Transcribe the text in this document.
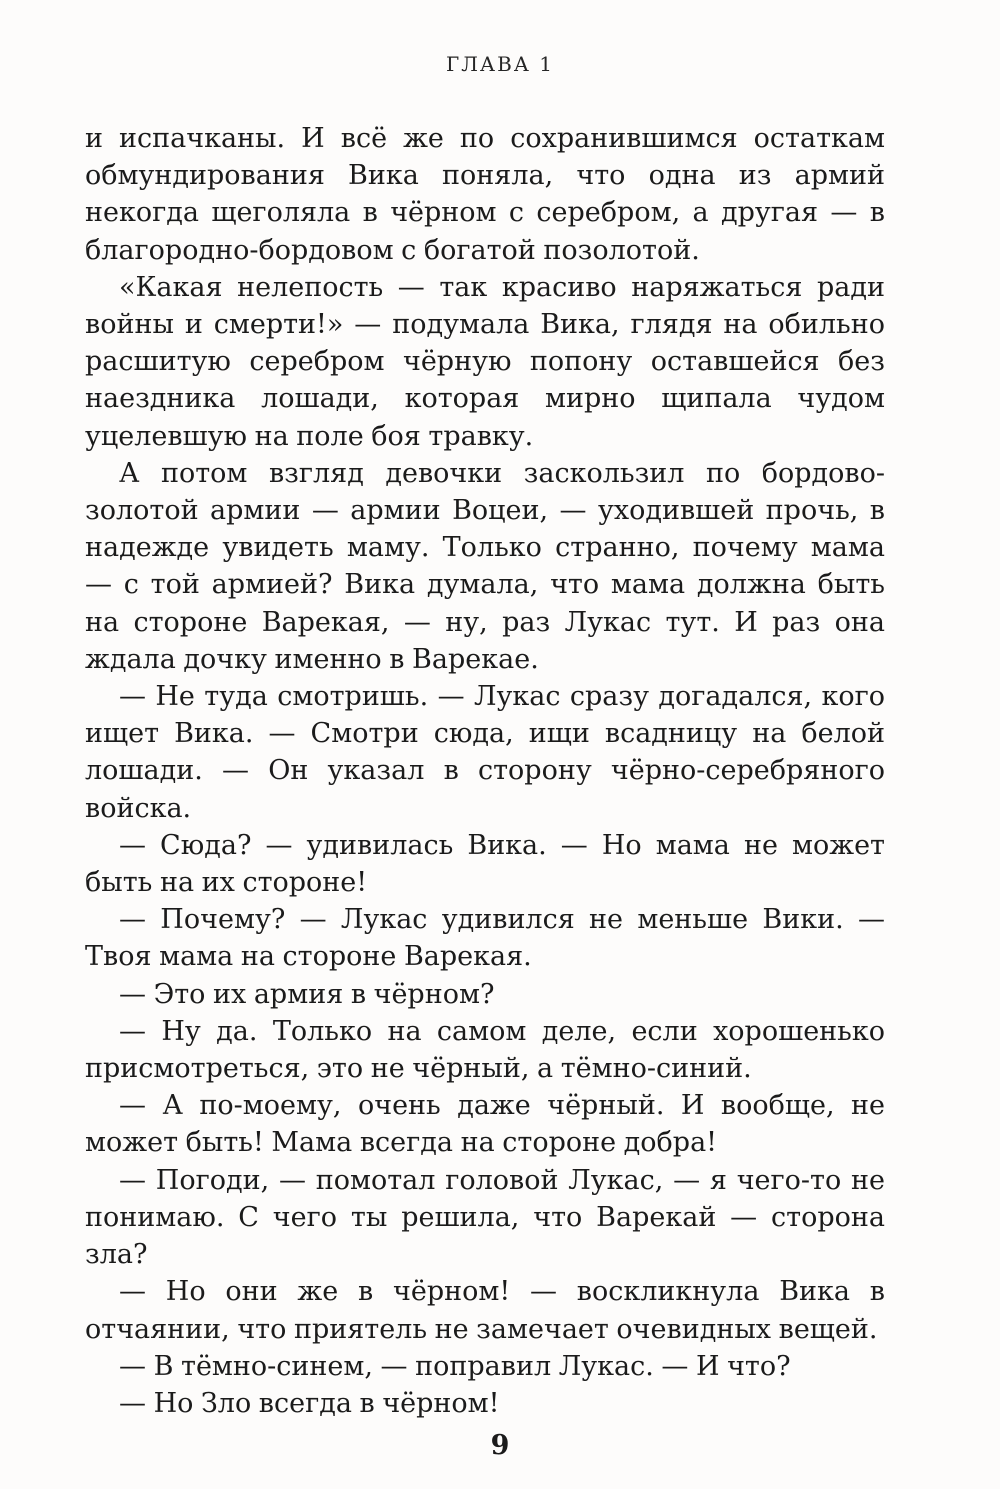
ГЛАВА 1

и испачканы. И всё же по сохранившимся остаткам обмундирования Вика поняла, что одна из армий некогда щеголяла в чёрном с серебром, а другая — в благородно-бордовом с богатой позолотой.

«Какая нелепость — так красиво наряжаться ради войны и смерти!» — подумала Вика, глядя на обильно расшитую серебром чёрную попону оставшейся без наездника лошади, которая мирно щипала чудом уцелевшую на поле боя травку.

А потом взгляд девочки заскользил по бордово-золотой армии — армии Воцеи, — уходившей прочь, в надежде увидеть маму. Только странно, почему мама — с той армией? Вика думала, что мама должна быть на стороне Варекая, — ну, раз Лукас тут. И раз она ждала дочку именно в Варекае.

— Не туда смотришь. — Лукас сразу догадался, кого ищет Вика. — Смотри сюда, ищи всадницу на белой лошади. — Он указал в сторону чёрно-серебряного войска.

— Сюда? — удивилась Вика. — Но мама не может быть на их стороне!

— Почему? — Лукас удивился не меньше Вики. — Твоя мама на стороне Варекая.

— Это их армия в чёрном?

— Ну да. Только на самом деле, если хорошенько присмотреться, это не чёрный, а тёмно-синий.

— А по-моему, очень даже чёрный. И вообще, не может быть! Мама всегда на стороне добра!

— Погоди, — помотал головой Лукас, — я чего-то не понимаю. С чего ты решила, что Варекай — сторона зла?

— Но они же в чёрном! — воскликнула Вика в отчаянии, что приятель не замечает очевидных вещей.

— В тёмно-синем, — поправил Лукас. — И что?

— Но Зло всегда в чёрном!

9
